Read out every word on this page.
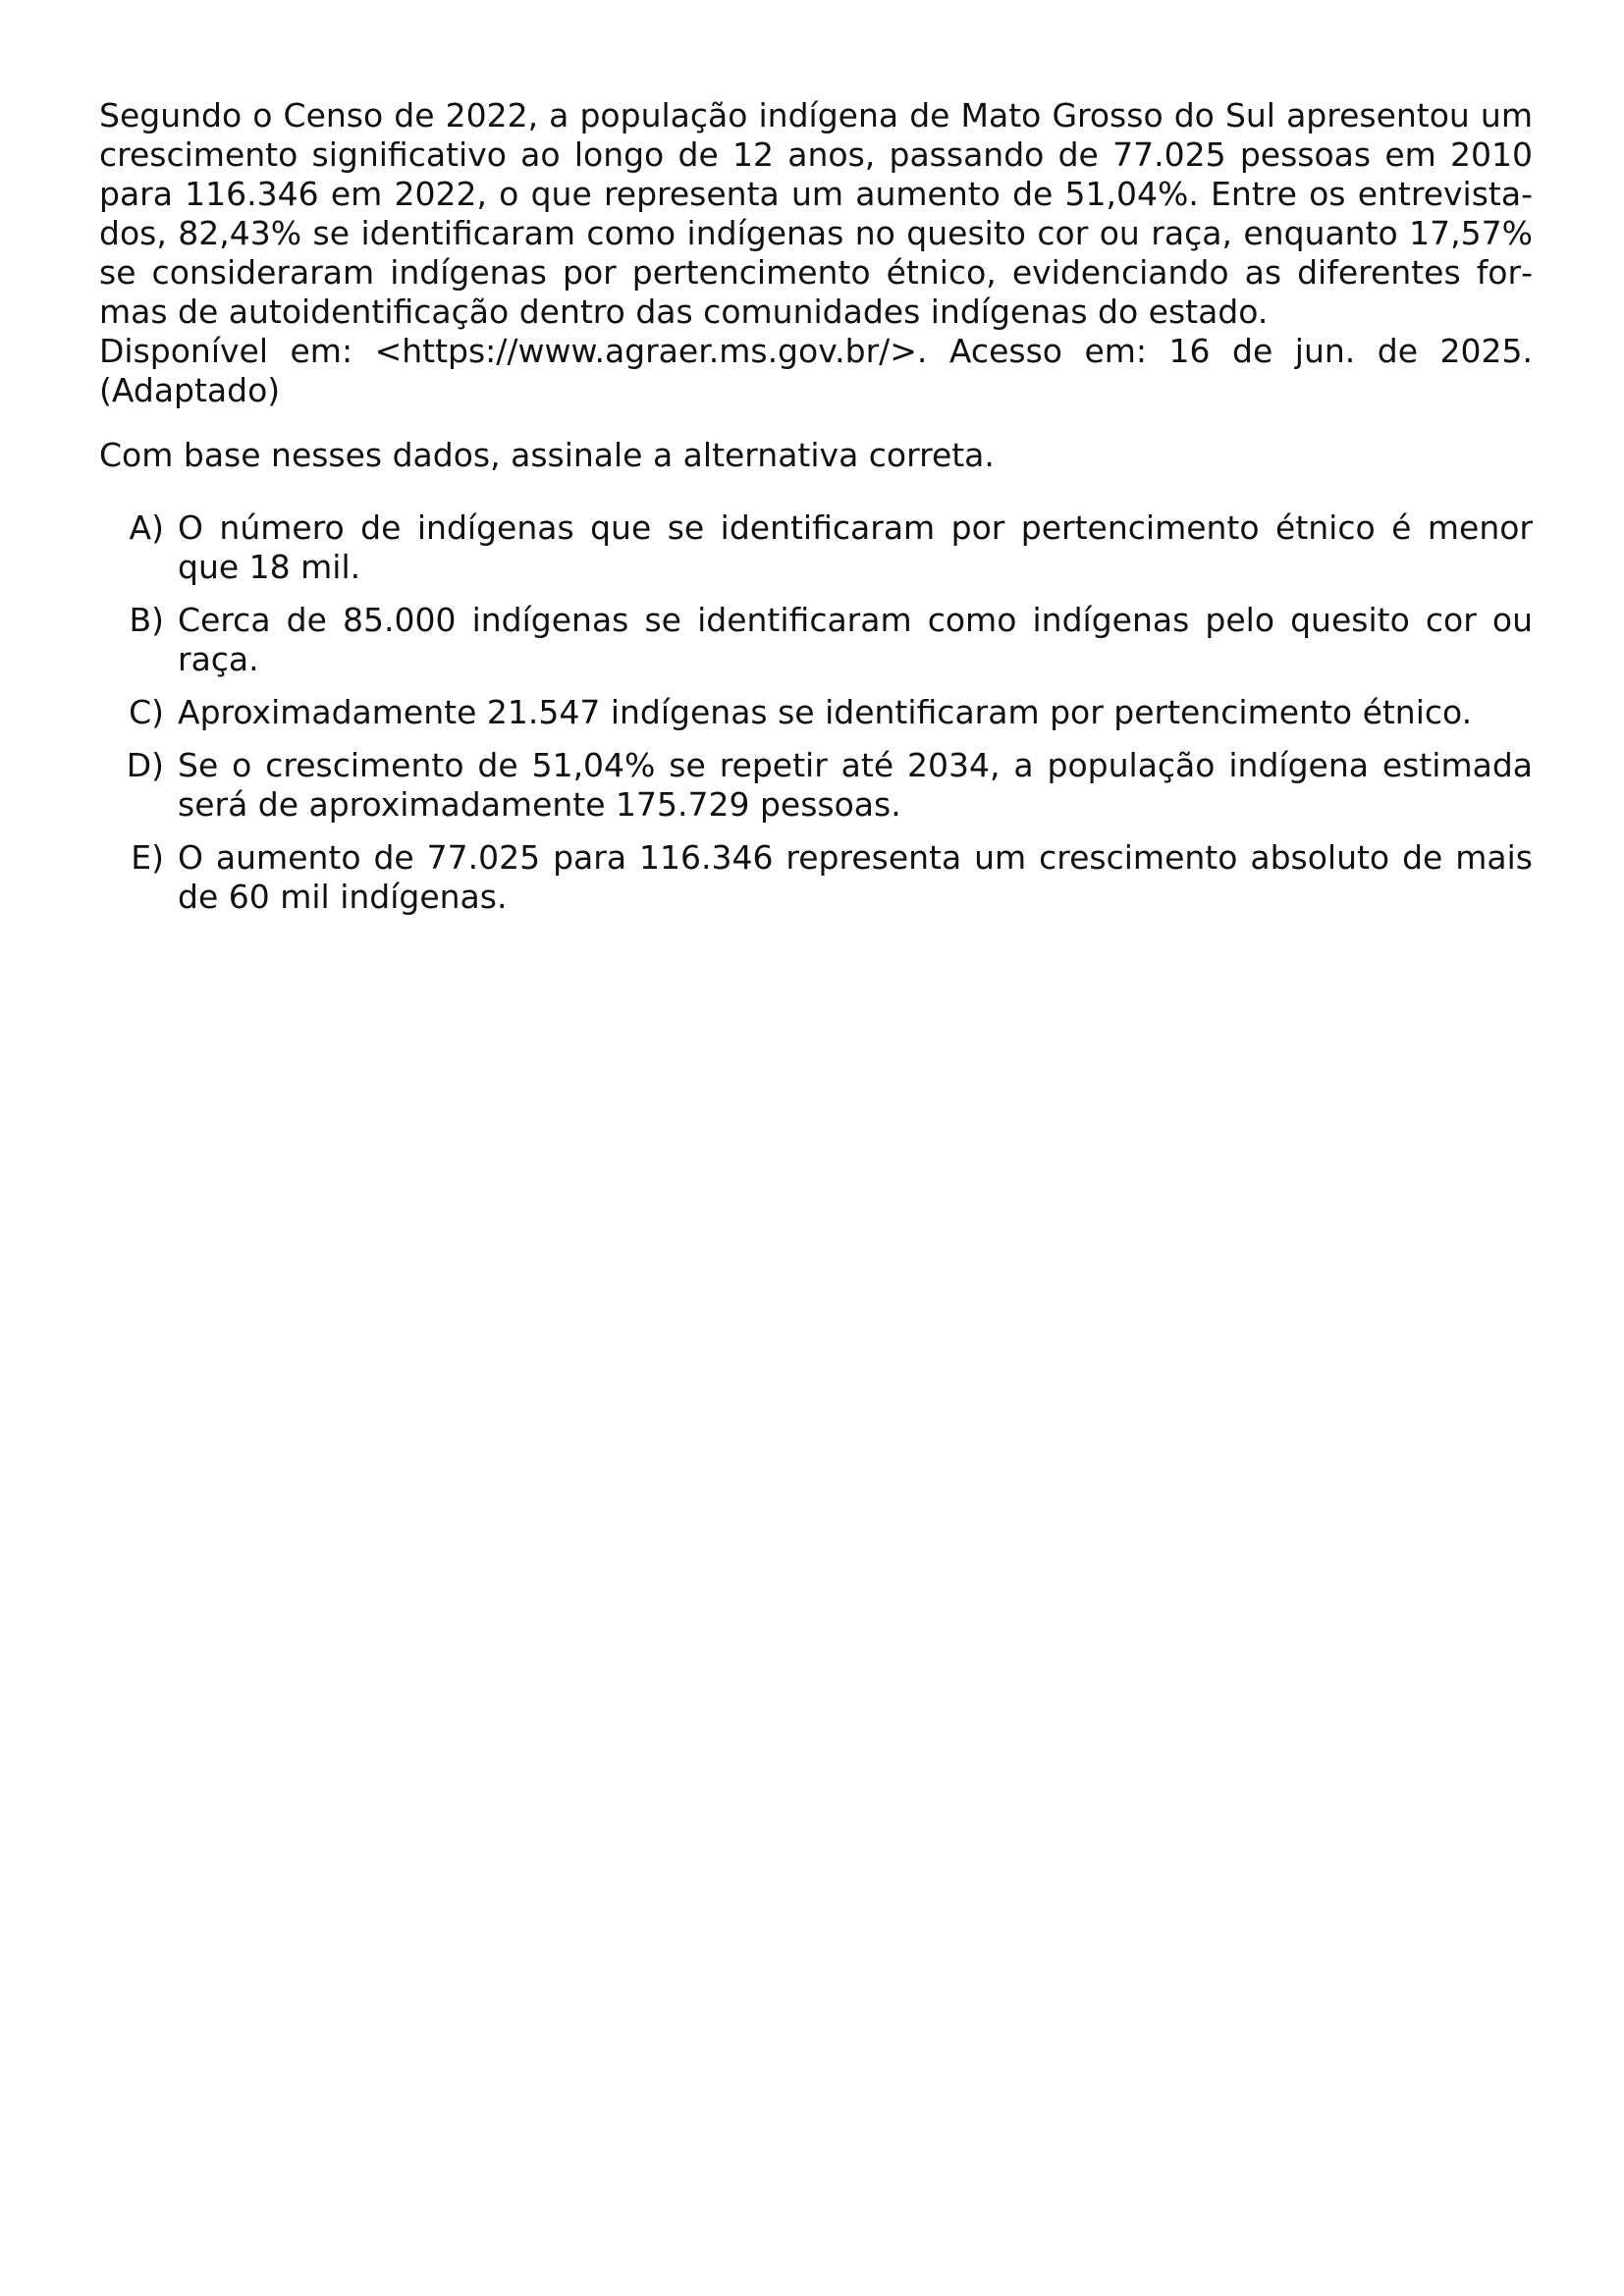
Segundo o Censo de 2022, a população indígena de Mato Grosso do Sul apresentou um crescimento significativo ao longo de 12 anos, passando de 77.025 pessoas em 2010 para 116.346 em 2022, o que representa um aumento de 51,04%. Entre os entrevistados, 82,43% se identificaram como indígenas no quesito cor ou raça, enquanto 17,57% se consideraram indígenas por pertencimento étnico, evidenciando as diferentes formas de autoidentificação dentro das comunidades indígenas do estado.

Disponível em: <https://www.agraer.ms.gov.br/>. Acesso em: 16 de jun. de 2025.
(Adaptado)

Com base nesses dados, assinale a alternativa correta.

A) O número de indígenas que se identificaram por pertencimento étnico é menor que 18 mil.
B) Cerca de 85.000 indígenas se identificaram como indígenas pelo quesito cor ou raça.
C) Aproximadamente 21.547 indígenas se identificaram por pertencimento étnico.
D) Se o crescimento de 51,04% se repetir até 2034, a população indígena estimada será de aproximadamente 175.729 pessoas.
E) O aumento de 77.025 para 116.346 representa um crescimento absoluto de mais de 60 mil indígenas.
